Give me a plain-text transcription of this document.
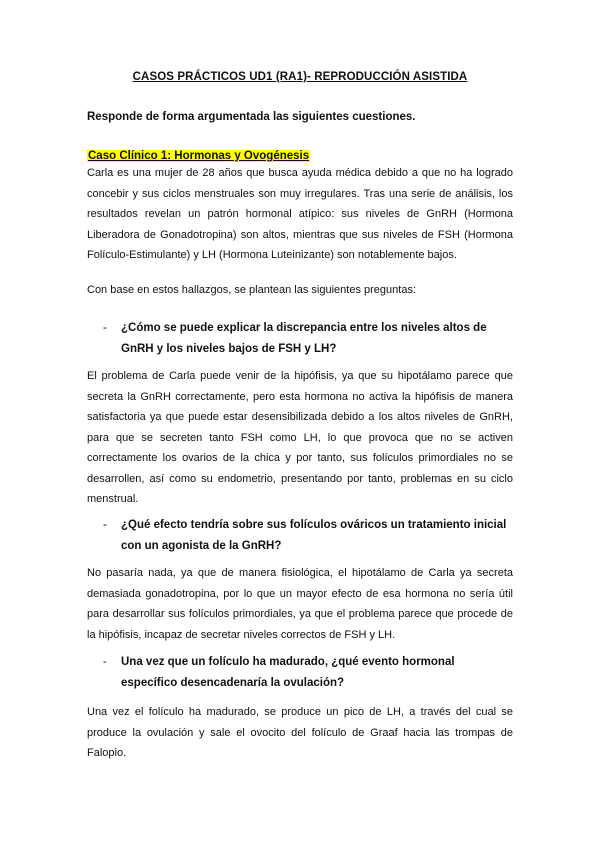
CASOS PRÁCTICOS UD1 (RA1)- REPRODUCCIÓN ASISTIDA
Responde de forma argumentada las siguientes cuestiones.
Caso Clínico 1: Hormonas y Ovogénesis
Carla es una mujer de 28 años que busca ayuda médica debido a que no ha logrado concebir y sus ciclos menstruales son muy irregulares. Tras una serie de análisis, los resultados revelan un patrón hormonal atípico: sus niveles de GnRH (Hormona Liberadora de Gonadotropina) son altos, mientras que sus niveles de FSH (Hormona Folículo-Estimulante) y LH (Hormona Luteinizante) son notablemente bajos.
Con base en estos hallazgos, se plantean las siguientes preguntas:
- ¿Cómo se puede explicar la discrepancia entre los niveles altos de GnRH y los niveles bajos de FSH y LH?
El problema de Carla puede venir de la hipófisis, ya que su hipotálamo parece que secreta la GnRH correctamente, pero esta hormona no activa la hipófisis de manera satisfactoria ya que puede estar desensibilizada debido a los altos niveles de GnRH, para que se secreten tanto FSH como LH, lo que provoca que no se activen correctamente los ovarios de la chica y por tanto, sus folículos primordiales no se desarrollen, así como su endometrio, presentando por tanto, problemas en su ciclo menstrual.
- ¿Qué efecto tendría sobre sus folículos ováricos un tratamiento inicial con un agonista de la GnRH?
No pasaría nada, ya que de manera fisiológica, el hipotálamo de Carla ya secreta demasiada gonadotropina, por lo que un mayor efecto de esa hormona no sería útil para desarrollar sus folículos primordiales, ya que el problema parece que procede de la hipófisis, incapaz de secretar niveles correctos de FSH y LH.
- Una vez que un folículo ha madurado, ¿qué evento hormonal específico desencadenaría la ovulación?
Una vez el folículo ha madurado, se produce un pico de LH, a través del cual se produce la ovulación y sale el ovocito del folículo de Graaf hacia las trompas de Falopio.
